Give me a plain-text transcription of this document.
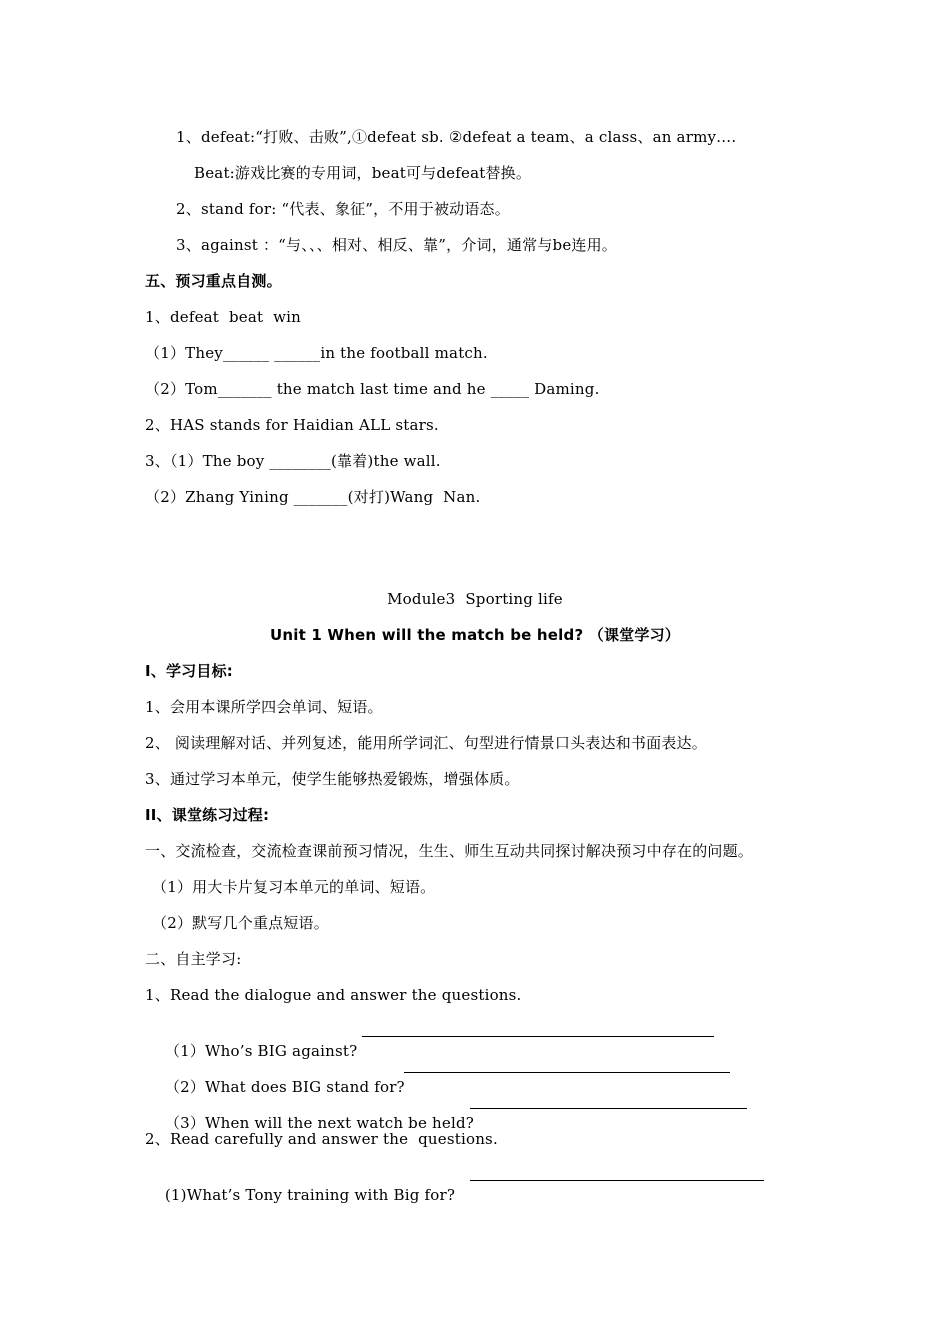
1、defeat:“打败、击败”,①defeat sb. ②defeat a team、a class、an army….
Beat:游戏比赛的专用词，beat可与defeat替换。
2、stand for: “代表、象征”，不用于被动语态。
3、against ：“与、、、相对、相反、靠”，介词，通常与be连用。
五、预习重点自测。
1、defeat  beat  win
（1）They______ ______in the football match.
（2）Tom_______ the match last time and he _____ Daming.
2、HAS stands for Haidian ALL stars.
3、（1）The boy ________(靠着)the wall.
（2）Zhang Yining _______(对打)Wang  Nan.
Module3  Sporting life
Unit 1 When will the match be held? （课堂学习）
I、学习目标:
1、会用本课所学四会单词、短语。
2、 阅读理解对话、并列复述，能用所学词汇、句型进行情景口头表达和书面表达。
3、通过学习本单元，使学生能够热爱锻炼，增强体质。
II、课堂练习过程:
一、交流检查，交流检查课前预习情况，生生、师生互动共同探讨解决预习中存在的问题。
（1）用大卡片复习本单元的单词、短语。
（2）默写几个重点短语。
二、自主学习:
1、Read the dialogue and answer the questions.

（1）Who’s BIG against?

（2）What does BIG stand for?

（3）When will the next watch be held?

2、Read carefully and answer the  questions.

(1)What’s Tony training with Big for?
